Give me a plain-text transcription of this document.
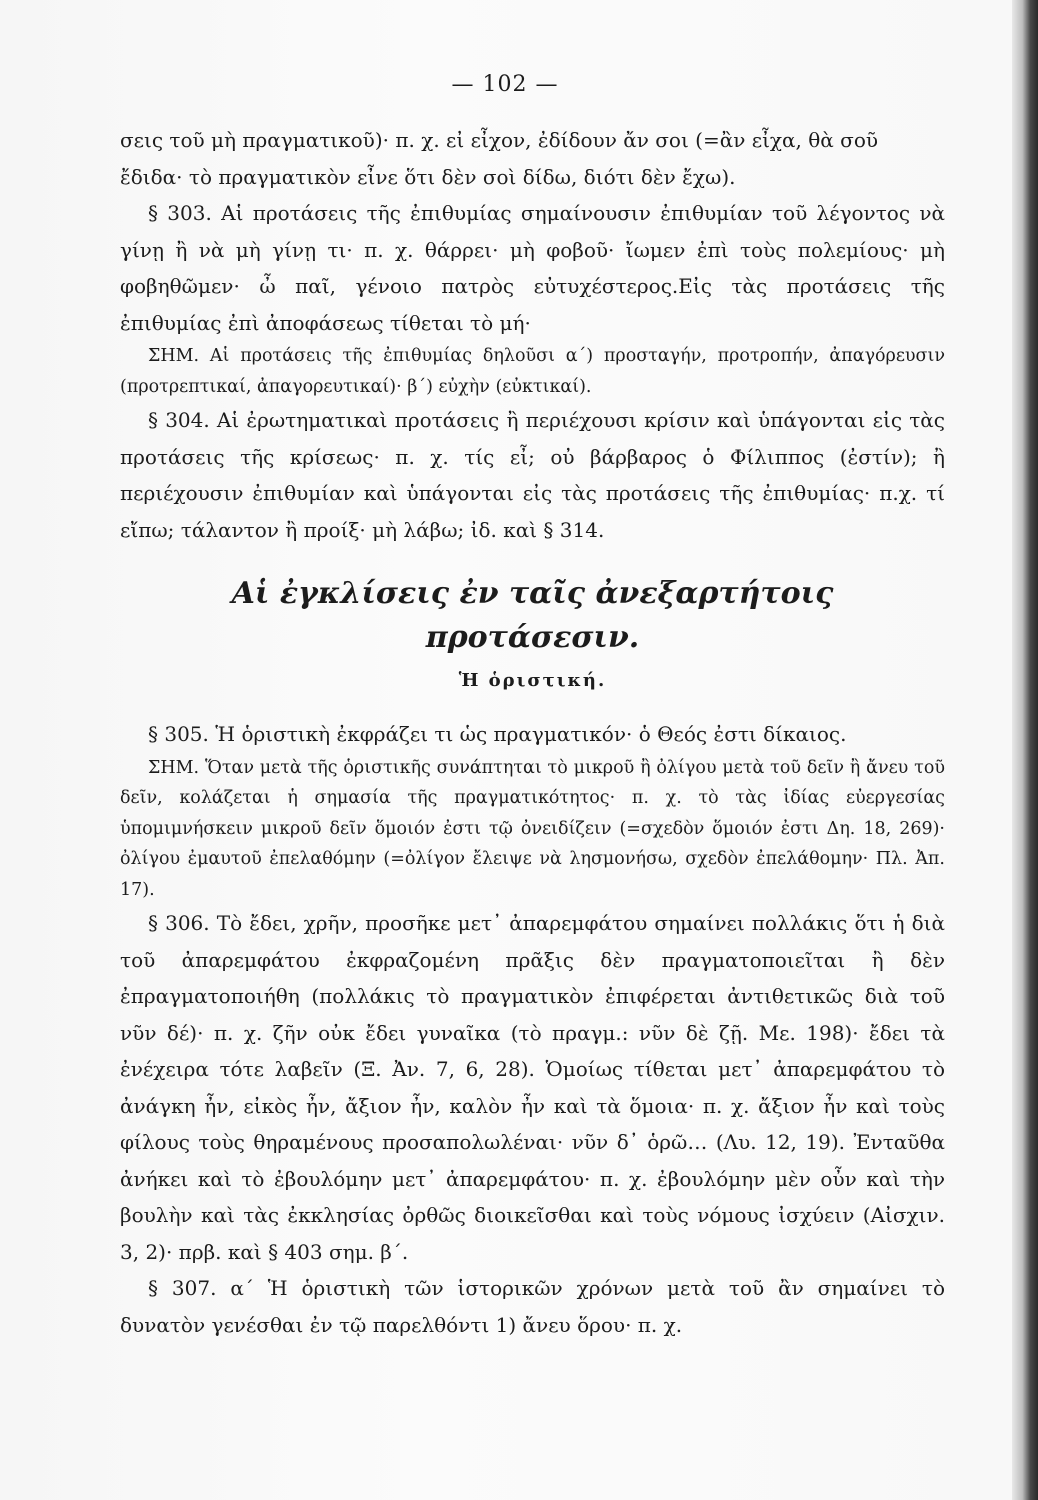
— 102 —

σεις τοῦ μὴ πραγματικοῦ)· π. χ. εἰ εἶχον, ἐδίδουν ἄν σοι (=ἂν εἶχα, θὰ σοῦ

ἔδιδα· τὸ πραγματικὸν εἶνε ὅτι δὲν σοὶ δίδω, διότι δὲν ἔχω).

§ 303. Αἱ προτάσεις τῆς ἐπιθυμίας σημαίνουσιν ἐπιθυμίαν τοῦ λέγοντος νὰ γίνῃ ἢ νὰ μὴ γίνῃ τι· π. χ. θάρρει· μὴ φοβοῦ· ἴωμεν ἐπὶ τοὺς πολεμίους· μὴ φοβηθῶμεν· ὦ παῖ, γένοιο πατρὸς εὐτυχέστερος.Εἰς τὰς προτάσεις τῆς ἐπιθυμίας ἐπὶ ἀποφάσεως τίθεται τὸ μή·

ΣΗΜ. Αἱ προτάσεις τῆς ἐπιθυμίας δηλοῦσι α΄) προσταγήν, προτροπήν, ἀπαγόρευσιν (προτρεπτικαί, ἀπαγορευτικαί)· β΄) εὐχὴν (εὐκτικαί).

§ 304. Αἱ ἐρωτηματικαὶ προτάσεις ἢ περιέχουσι κρίσιν καὶ ὑπάγονται εἰς τὰς προτάσεις τῆς κρίσεως· π. χ. τίς εἶ; οὐ βάρβαρος ὁ Φίλιππος (ἐστίν); ἢ περιέχουσιν ἐπιθυμίαν καὶ ὑπάγονται εἰς τὰς προτάσεις τῆς ἐπιθυμίας· π.χ. τί εἴπω; τάλαντον ἢ προίξ· μὴ λάβω; ἰδ. καὶ § 314.

Αἱ ἐγκλίσεις ἐν ταῖς ἀνεξαρτήτοις προτάσεσιν.
Ἡ ὁριστική.

§ 305. Ἡ ὁριστικὴ ἐκφράζει τι ὡς πραγματικόν· ὁ Θεός ἐστι δίκαιος.

ΣΗΜ. Ὅταν μετὰ τῆς ὁριστικῆς συνάπτηται τὸ μικροῦ ἢ ὀλίγου μετὰ τοῦ δεῖν ἢ ἄνευ τοῦ δεῖν, κολάζεται ἡ σημασία τῆς πραγματικότητος· π. χ. τὸ τὰς ἰδίας εὐεργεσίας ὑπομιμνήσκειν μικροῦ δεῖν ὅμοιόν ἐστι τῷ ὀνειδίζειν (=σχεδὸν ὅμοιόν ἐστι Δη. 18, 269)· ὀλίγου ἐμαυτοῦ ἐπελαθόμην (=ὀλίγον ἔλειψε νὰ λησμονήσω, σχεδὸν ἐπελάθομην· Πλ. Ἀπ. 17).

§ 306. Τὸ ἔδει, χρῆν, προσῆκε μετ᾽ ἀπαρεμφάτου σημαίνει πολλάκις ὅτι ἡ διὰ τοῦ ἀπαρεμφάτου ἐκφραζομένη πρᾶξις δὲν πραγματοποιεῖται ἢ δὲν ἐπραγματοποιήθη (πολλάκις τὸ πραγματικὸν ἐπιφέρεται ἀντιθετικῶς διὰ τοῦ νῦν δέ)· π. χ. ζῆν οὐκ ἔδει γυναῖκα (τὸ πραγμ.: νῦν δὲ ζῇ. Με. 198)· ἔδει τὰ ἐνέχειρα τότε λαβεῖν (Ξ. Ἀν. 7, 6, 28). Ὁμοίως τίθεται μετ᾽ ἀπαρεμφάτου τὸ ἀνάγκη ἦν, εἰκὸς ἦν, ἄξιον ἦν, καλὸν ἦν καὶ τὰ ὅμοια· π. χ. ἄξιον ἦν καὶ τοὺς φίλους τοὺς θηραμένους προσαπολωλέναι· νῦν δ᾽ ὁρῶ… (Λυ. 12, 19). Ἐνταῦθα ἀνήκει καὶ τὸ ἐβουλόμην μετ᾽ ἀπαρεμφάτου· π. χ. ἐβουλόμην μὲν οὖν καὶ τὴν βουλὴν καὶ τὰς ἐκκλησίας ὀρθῶς διοικεῖσθαι καὶ τοὺς νόμους ἰσχύειν (Αἰσχιν. 3, 2)· πρβ. καὶ § 403 σημ. β΄.

§ 307. α΄ Ἡ ὁριστικὴ τῶν ἱστορικῶν χρόνων μετὰ τοῦ ἂν σημαίνει τὸ δυνατὸν γενέσθαι ἐν τῷ παρελθόντι 1) ἄνευ ὅρου· π. χ.
